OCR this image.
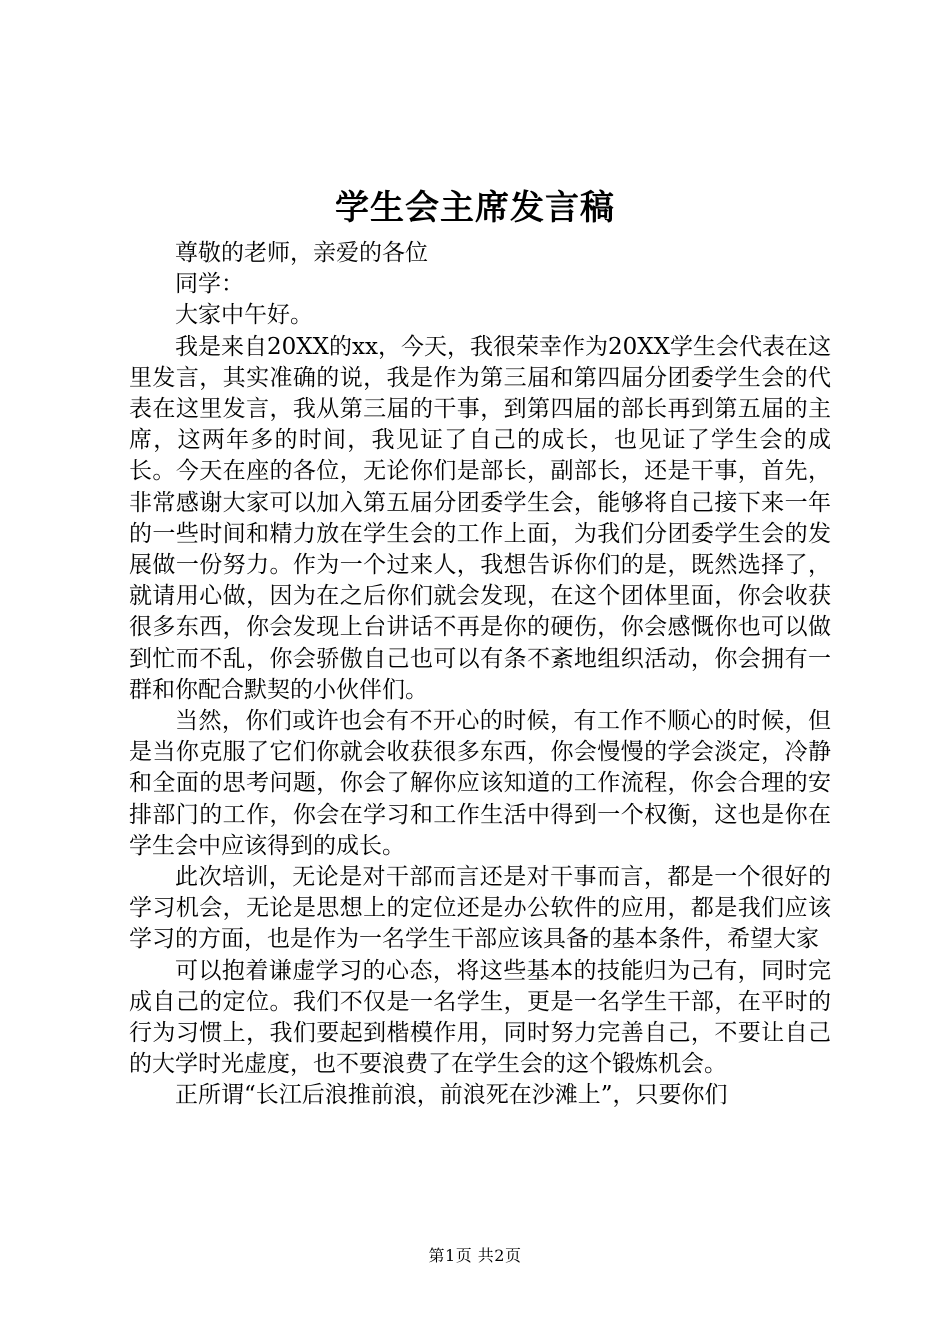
学生会主席发言稿

尊敬的老师，亲爱的各位

同学：

大家中午好。

我是来自20XX的xx，今天，我很荣幸作为20XX学生会代表在这里发言，其实准确的说，我是作为第三届和第四届分团委学生会的代表在这里发言，我从第三届的干事，到第四届的部长再到第五届的主席，这两年多的时间，我见证了自己的成长，也见证了学生会的成长。今天在座的各位，无论你们是部长，副部长，还是干事，首先，非常感谢大家可以加入第五届分团委学生会，能够将自己接下来一年的一些时间和精力放在学生会的工作上面，为我们分团委学生会的发展做一份努力。作为一个过来人，我想告诉你们的是，既然选择了，就请用心做，因为在之后你们就会发现，在这个团体里面，你会收获很多东西，你会发现上台讲话不再是你的硬伤，你会感慨你也可以做到忙而不乱，你会骄傲自己也可以有条不紊地组织活动，你会拥有一群和你配合默契的小伙伴们。

当然，你们或许也会有不开心的时候，有工作不顺心的时候，但是当你克服了它们你就会收获很多东西，你会慢慢的学会淡定，冷静和全面的思考问题，你会了解你应该知道的工作流程，你会合理的安排部门的工作，你会在学习和工作生活中得到一个权衡，这也是你在学生会中应该得到的成长。

此次培训，无论是对干部而言还是对干事而言，都是一个很好的学习机会，无论是思想上的定位还是办公软件的应用，都是我们应该学习的方面，也是作为一名学生干部应该具备的基本条件，希望大家

可以抱着谦虚学习的心态，将这些基本的技能归为己有，同时完成自己的定位。我们不仅是一名学生，更是一名学生干部，在平时的行为习惯上，我们要起到楷模作用，同时努力完善自己，不要让自己的大学时光虚度，也不要浪费了在学生会的这个锻炼机会。

正所谓“长江后浪推前浪，前浪死在沙滩上”，只要你们

第1页 共2页
